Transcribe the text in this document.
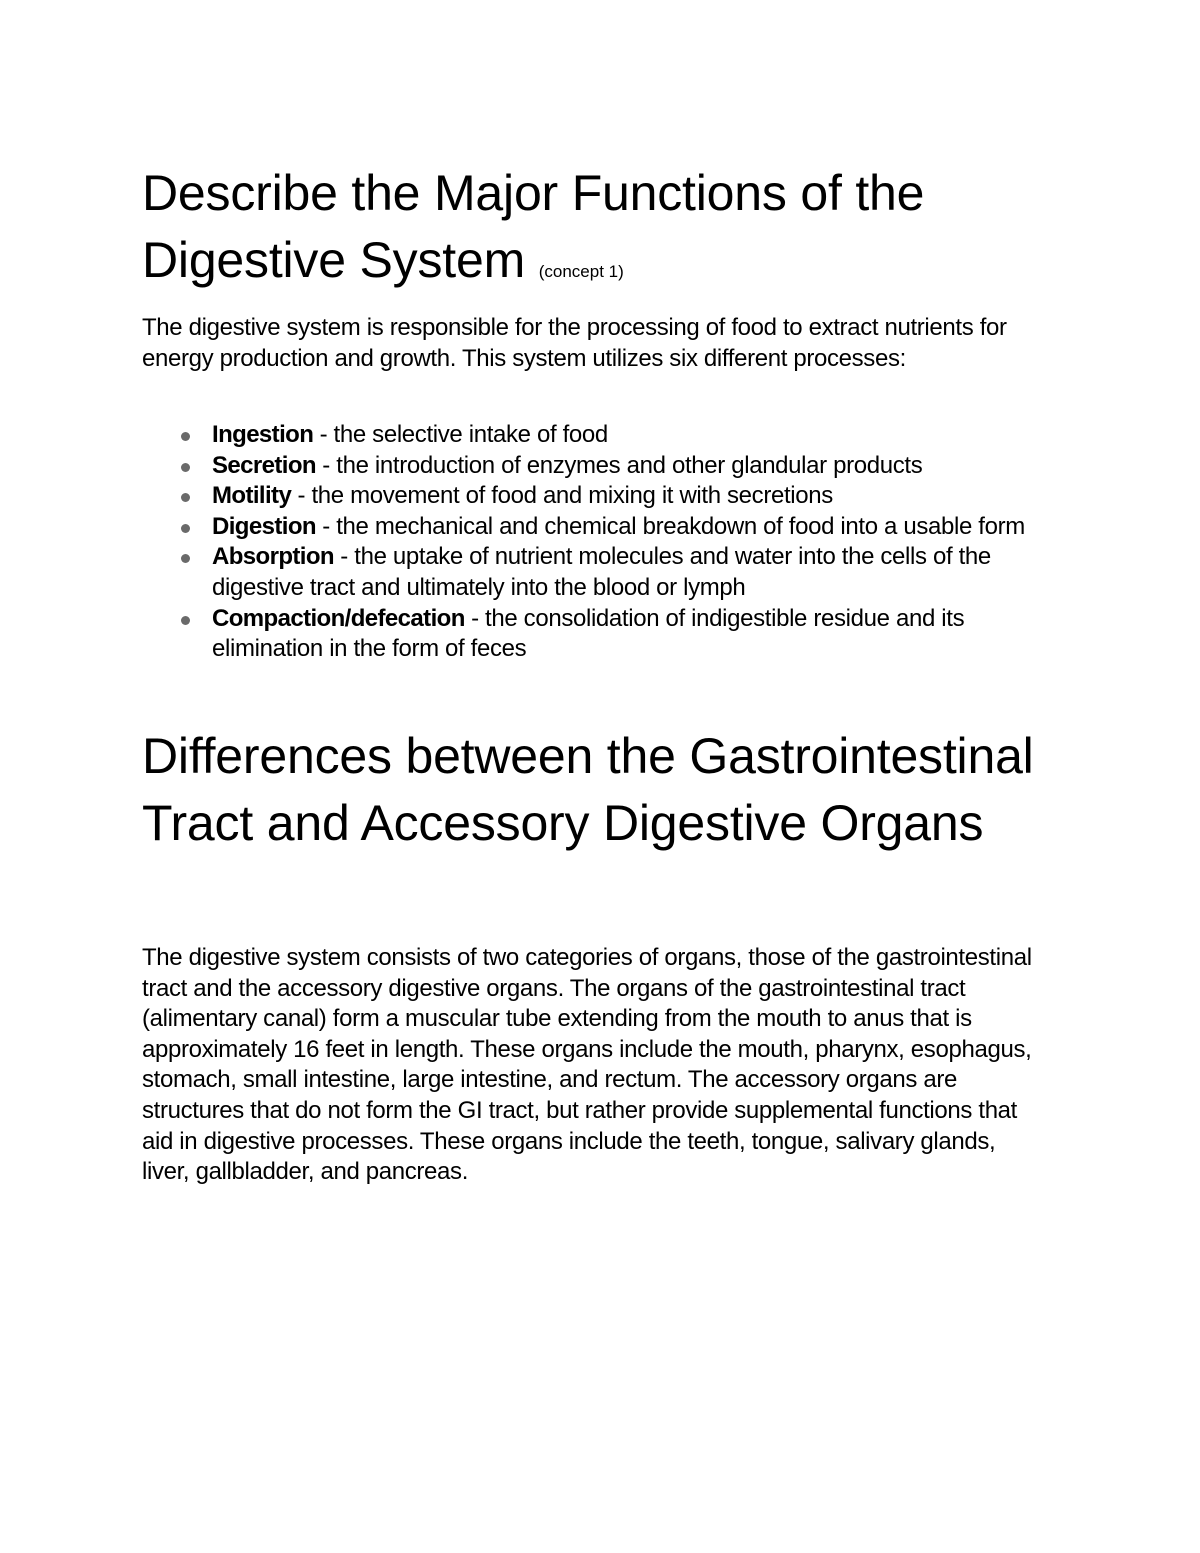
Describe the Major Functions of the
Digestive System (concept 1)

The digestive system is responsible for the processing of food to extract nutrients for energy production and growth. This system utilizes six different processes:

Ingestion - the selective intake of food
Secretion - the introduction of enzymes and other glandular products
Motility - the movement of food and mixing it with secretions
Digestion - the mechanical and chemical breakdown of food into a usable form
Absorption - the uptake of nutrient molecules and water into the cells of the digestive tract and ultimately into the blood or lymph
Compaction/defecation - the consolidation of indigestible residue and its elimination in the form of feces
Differences between the Gastrointestinal Tract and Accessory Digestive Organs

The digestive system consists of two categories of organs, those of the gastrointestinal tract and the accessory digestive organs. The organs of the gastrointestinal tract (alimentary canal) form a muscular tube extending from the mouth to anus that is approximately 16 feet in length. These organs include the mouth, pharynx, esophagus, stomach, small intestine, large intestine, and rectum. The accessory organs are structures that do not form the GI tract, but rather provide supplemental functions that aid in digestive processes. These organs include the teeth, tongue, salivary glands, liver, gallbladder, and pancreas.
